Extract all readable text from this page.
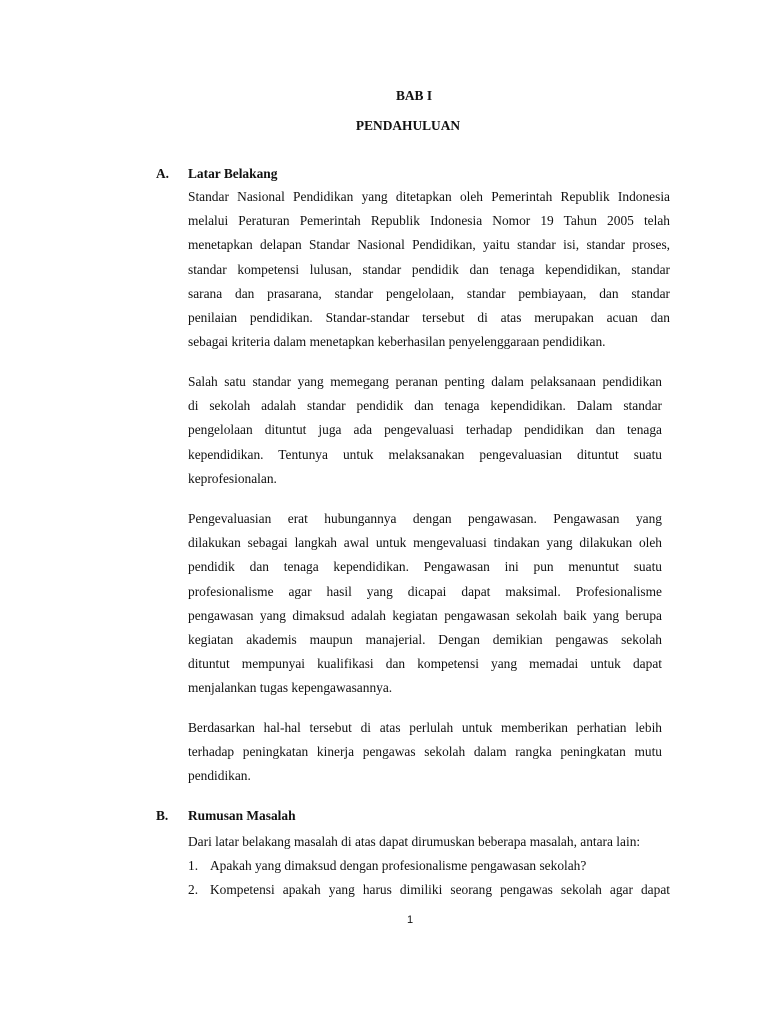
BAB I
PENDAHULUAN
A. Latar Belakang
Standar Nasional Pendidikan yang ditetapkan oleh Pemerintah Republik Indonesia
melalui Peraturan Pemerintah Republik Indonesia Nomor 19 Tahun 2005 telah
menetapkan delapan Standar Nasional Pendidikan, yaitu standar isi, standar proses,
standar kompetensi lulusan, standar pendidik dan tenaga kependidikan, standar
sarana dan prasarana, standar pengelolaan, standar pembiayaan, dan standar
penilaian pendidikan. Standar-standar tersebut di atas merupakan acuan dan
sebagai kriteria dalam menetapkan keberhasilan penyelenggaraan pendidikan.
Salah satu standar yang memegang peranan penting dalam pelaksanaan pendidikan
di sekolah adalah standar pendidik dan tenaga kependidikan. Dalam standar
pengelolaan dituntut juga ada pengevaluasi terhadap pendidikan dan tenaga
kependidikan. Tentunya untuk melaksanakan pengevaluasian dituntut suatu
keprofesionalan.
Pengevaluasian erat hubungannya dengan pengawasan. Pengawasan yang
dilakukan sebagai langkah awal untuk mengevaluasi tindakan yang dilakukan oleh
pendidik dan tenaga kependidikan. Pengawasan ini pun menuntut suatu
profesionalisme agar hasil yang dicapai dapat maksimal. Profesionalisme
pengawasan yang dimaksud adalah kegiatan pengawasan sekolah baik yang berupa
kegiatan akademis maupun manajerial. Dengan demikian pengawas sekolah
dituntut mempunyai kualifikasi dan kompetensi yang memadai untuk dapat
menjalankan tugas kepengawasannya.
Berdasarkan hal-hal tersebut di atas perlulah untuk memberikan perhatian lebih
terhadap peningkatan kinerja pengawas sekolah dalam rangka peningkatan mutu
pendidikan.
B. Rumusan Masalah
Dari latar belakang masalah di atas dapat dirumuskan beberapa masalah, antara lain:
1. Apakah yang dimaksud dengan profesionalisme pengawasan sekolah?
2. Kompetensi apakah yang harus dimiliki seorang pengawas sekolah agar dapat
1
